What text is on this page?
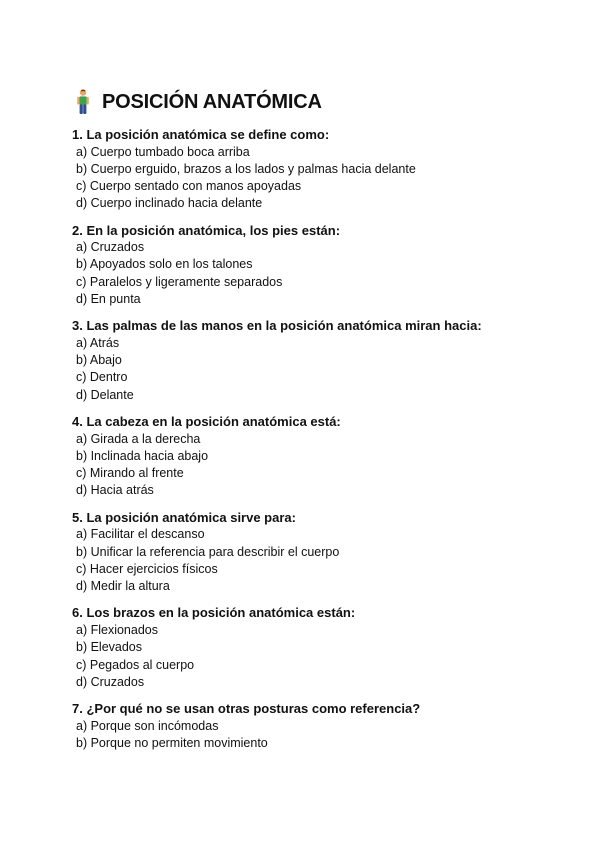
POSICIÓN ANATÓMICA

1. La posición anatómica se define como:

a) Cuerpo tumbado boca arriba
b) Cuerpo erguido, brazos a los lados y palmas hacia delante
c) Cuerpo sentado con manos apoyadas
d) Cuerpo inclinado hacia delante

2. En la posición anatómica, los pies están:

a) Cruzados
b) Apoyados solo en los talones
c) Paralelos y ligeramente separados
d) En punta

3. Las palmas de las manos en la posición anatómica miran hacia:

a) Atrás
b) Abajo
c) Dentro
d) Delante

4. La cabeza en la posición anatómica está:

a) Girada a la derecha
b) Inclinada hacia abajo
c) Mirando al frente
d) Hacia atrás

5. La posición anatómica sirve para:

a) Facilitar el descanso
b) Unificar la referencia para describir el cuerpo
c) Hacer ejercicios físicos
d) Medir la altura

6. Los brazos en la posición anatómica están:

a) Flexionados
b) Elevados
c) Pegados al cuerpo
d) Cruzados

7. ¿Por qué no se usan otras posturas como referencia?

a) Porque son incómodas
b) Porque no permiten movimiento
